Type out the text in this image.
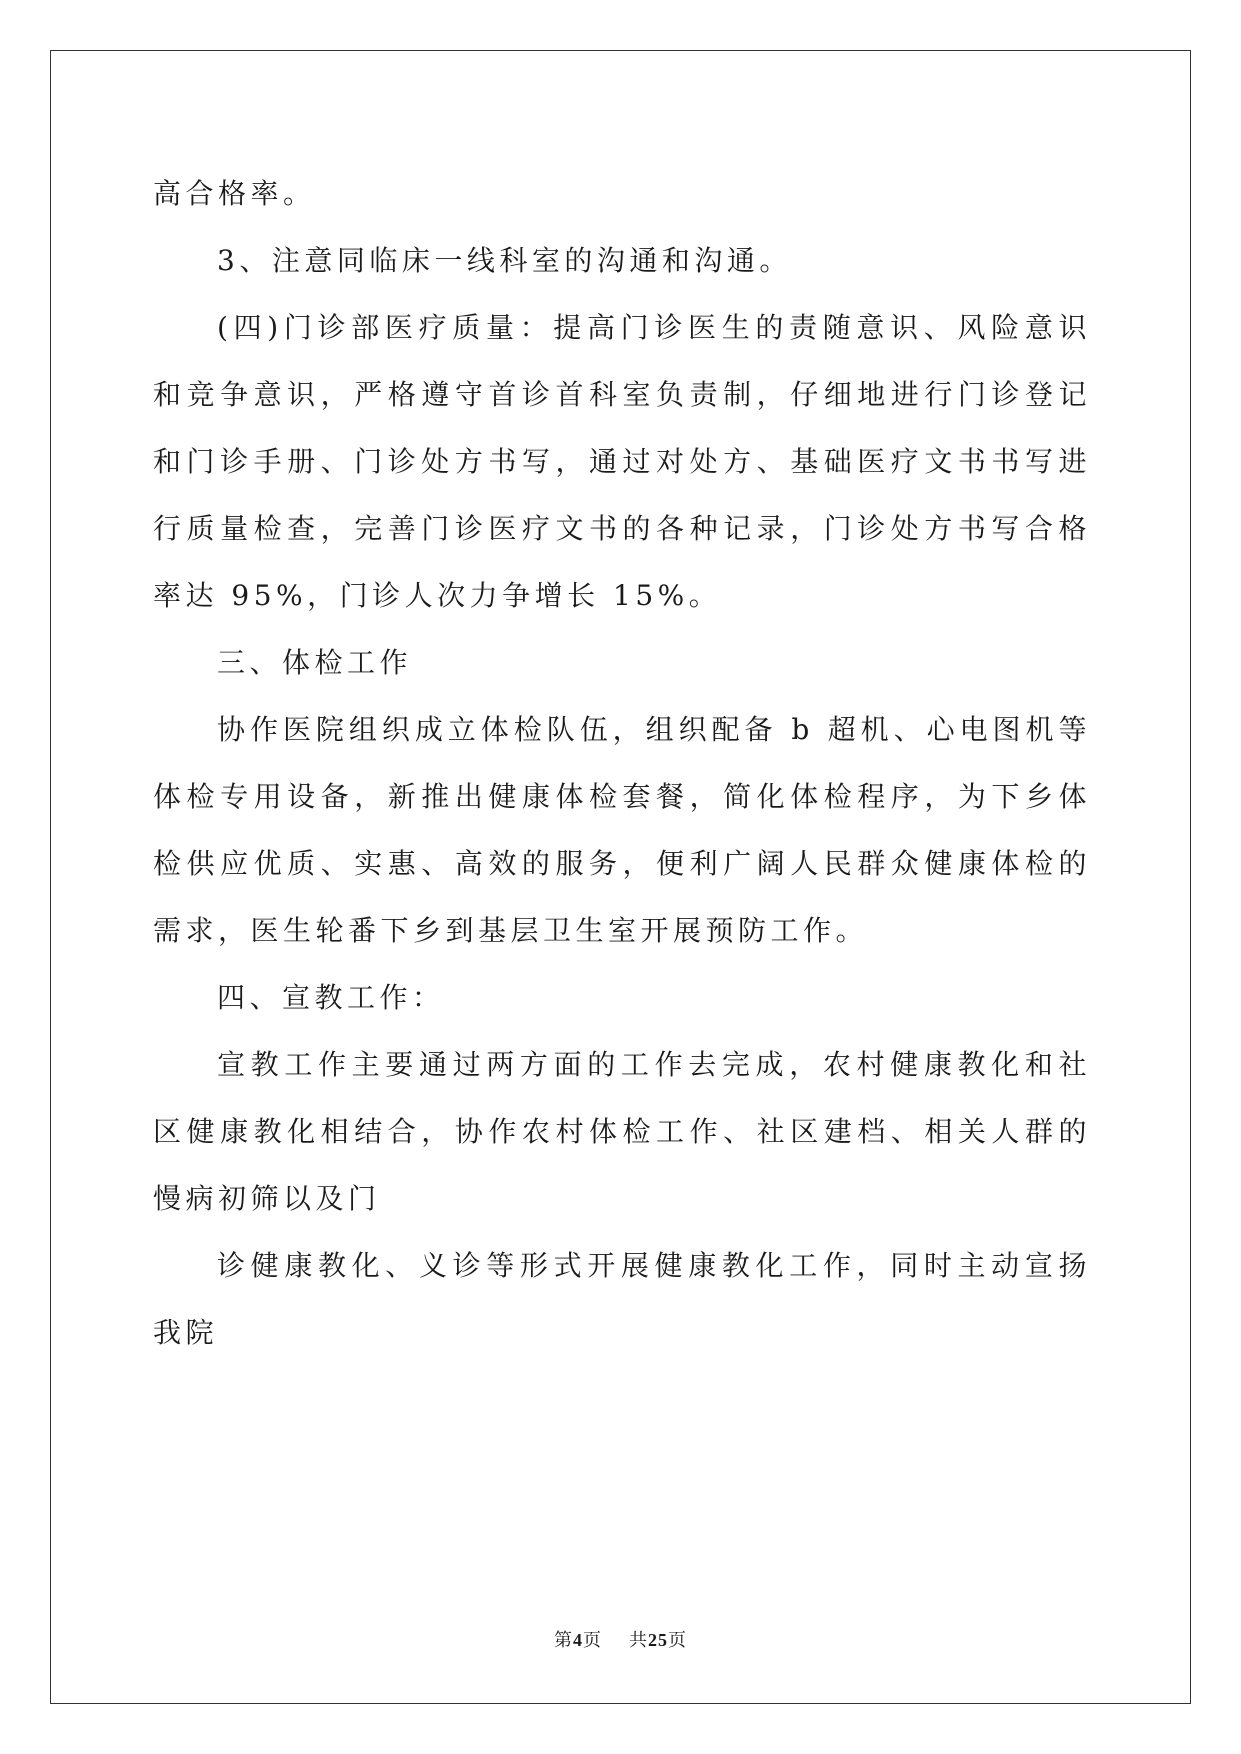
高合格率。

3、注意同临床一线科室的沟通和沟通。

(四)门诊部医疗质量：提高门诊医生的责随意识、风险意识和竞争意识，严格遵守首诊首科室负责制，仔细地进行门诊登记和门诊手册、门诊处方书写，通过对处方、基础医疗文书书写进行质量检查，完善门诊医疗文书的各种记录，门诊处方书写合格率达 95%，门诊人次力争增长 15%。

三、体检工作

协作医院组织成立体检队伍，组织配备 b 超机、心电图机等体检专用设备，新推出健康体检套餐，简化体检程序，为下乡体检供应优质、实惠、高效的服务，便利广阔人民群众健康体检的需求，医生轮番下乡到基层卫生室开展预防工作。

四、宣教工作：

宣教工作主要通过两方面的工作去完成，农村健康教化和社区健康教化相结合，协作农村体检工作、社区建档、相关人群的慢病初筛以及门

诊健康教化、义诊等形式开展健康教化工作，同时主动宣扬我院

第4页 共25页
